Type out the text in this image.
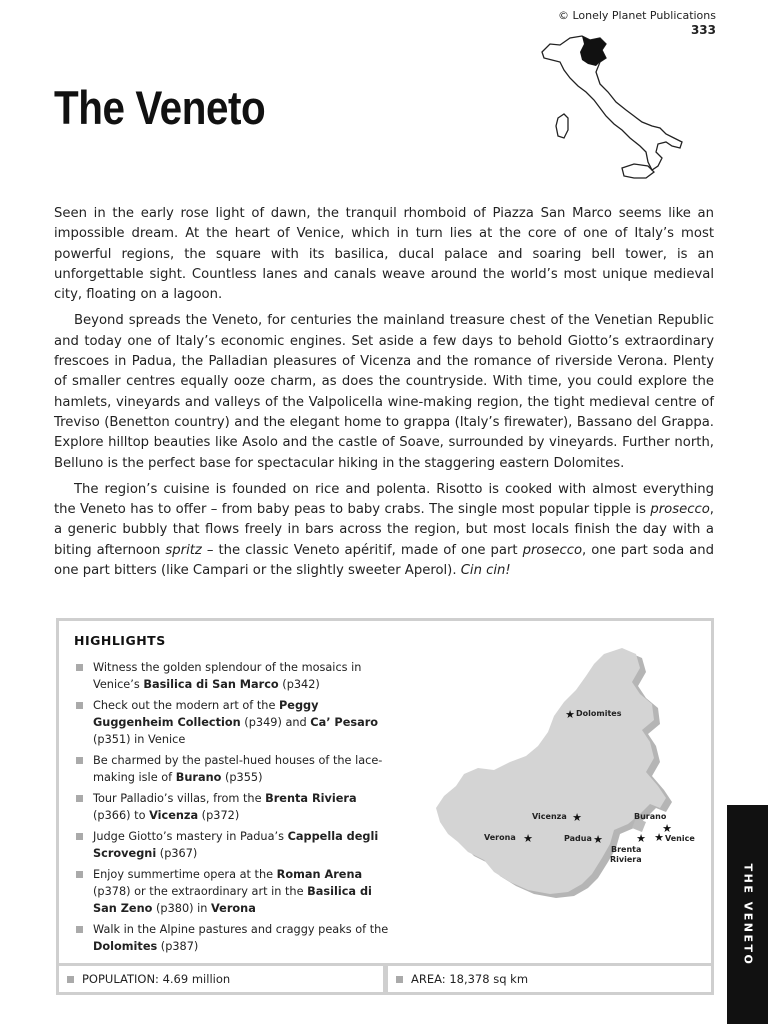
© Lonely Planet Publications
333
The Veneto

Seen in the early rose light of dawn, the tranquil rhomboid of Piazza San Marco seems like an impossible dream. At the heart of Venice, which in turn lies at the core of one of Italy’s most powerful regions, the square with its basilica, ducal palace and soaring bell tower, is an unforgettable sight. Countless lanes and canals weave around the world’s most unique medieval city, floating on a lagoon.

Beyond spreads the Veneto, for centuries the mainland treasure chest of the Venetian Republic and today one of Italy’s economic engines. Set aside a few days to behold Giotto’s extraordinary frescoes in Padua, the Palladian pleasures of Vicenza and the romance of riverside Verona. Plenty of smaller centres equally ooze charm, as does the countryside. With time, you could explore the hamlets, vineyards and valleys of the Valpolicella wine-making region, the tight medieval centre of Treviso (Benetton country) and the elegant home to grappa (Italy’s firewater), Bassano del Grappa. Explore hilltop beauties like Asolo and the castle of Soave, surrounded by vineyards. Further north, Belluno is the perfect base for spectacular hiking in the staggering eastern Dolomites.

The region’s cuisine is founded on rice and polenta. Risotto is cooked with almost everything the Veneto has to offer – from baby peas to baby crabs. The single most popular tipple is prosecco, a generic bubbly that flows freely in bars across the region, but most locals finish the day with a biting afternoon spritz – the classic Veneto apéritif, made of one part prosecco, one part soda and one part bitters (like Campari or the slightly sweeter Aperol). Cin cin!

HIGHLIGHTS
Witness the golden splendour of the mosaics in Venice’s Basilica di San Marco (p342)
Check out the modern art of the Peggy Guggenheim Collection (p349) and Ca’ Pesaro (p351) in Venice
Be charmed by the pastel-hued houses of the lace-making isle of Burano (p355)
Tour Palladio’s villas, from the Brenta Riviera (p366) to Vicenza (p372)
Judge Giotto’s mastery in Padua’s Cappella degli Scrovegni (p367)
Enjoy summertime opera at the Roman Arena (p378) or the extraordinary art in the Basilica di San Zeno (p380) in Verona
Walk in the Alpine pastures and craggy peaks of the Dolomites (p387)
★ Dolomites
★
Vicenza	Burano
★
★
Verona	★
Padua	★ ★ Venice
Brenta
Riviera
POPULATION: 4.69 million	AREA: 18,378 sq km
THE VENETO
